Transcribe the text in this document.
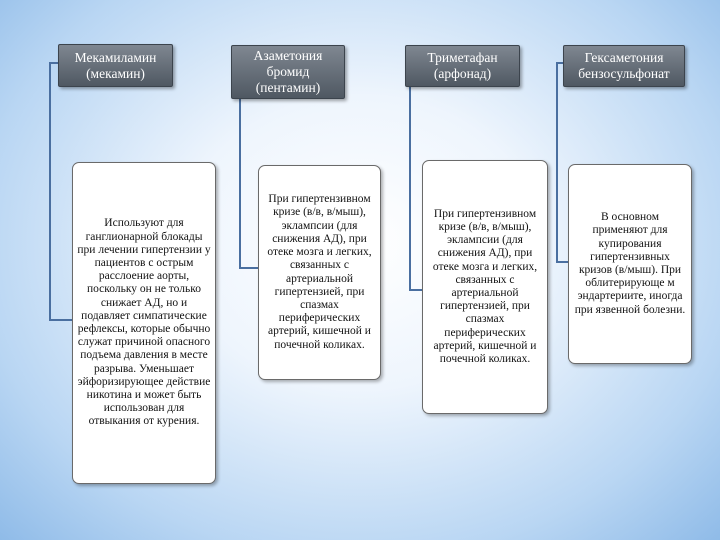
Мекамиламин (мекамин)
Азаметония бромид (пентамин)
Триметафан (арфонад)
Гексаметония бензосульфонат
Используют для ганглионарной блокады при лечении гипертензии у пациентов с острым расслоение аорты, поскольку он не только снижает АД, но и подавляет симпатические рефлексы, которые обычно служат причиной опасного подъема давления в месте разрыва. Уменьшает эйфоризирующее действие никотина и может быть использован для отвыкания от курения.
При гипертензивном кризе (в/в, в/мыш), эклампсии (для снижения АД), при отеке мозга и легких, связанных с артериальной гипертензией, при спазмах периферических артерий, кишечной и почечной коликах.
При гипертензивном кризе (в/в, в/мыш), эклампсии (для снижения АД), при отеке мозга и легких, связанных с артериальной гипертензией, при спазмах периферических артерий, кишечной и почечной коликах.
В основном применяют для купирования гипертензивных кризов (в/мыш). При облитерирующе м эндартериите, иногда при язвенной болезни.
